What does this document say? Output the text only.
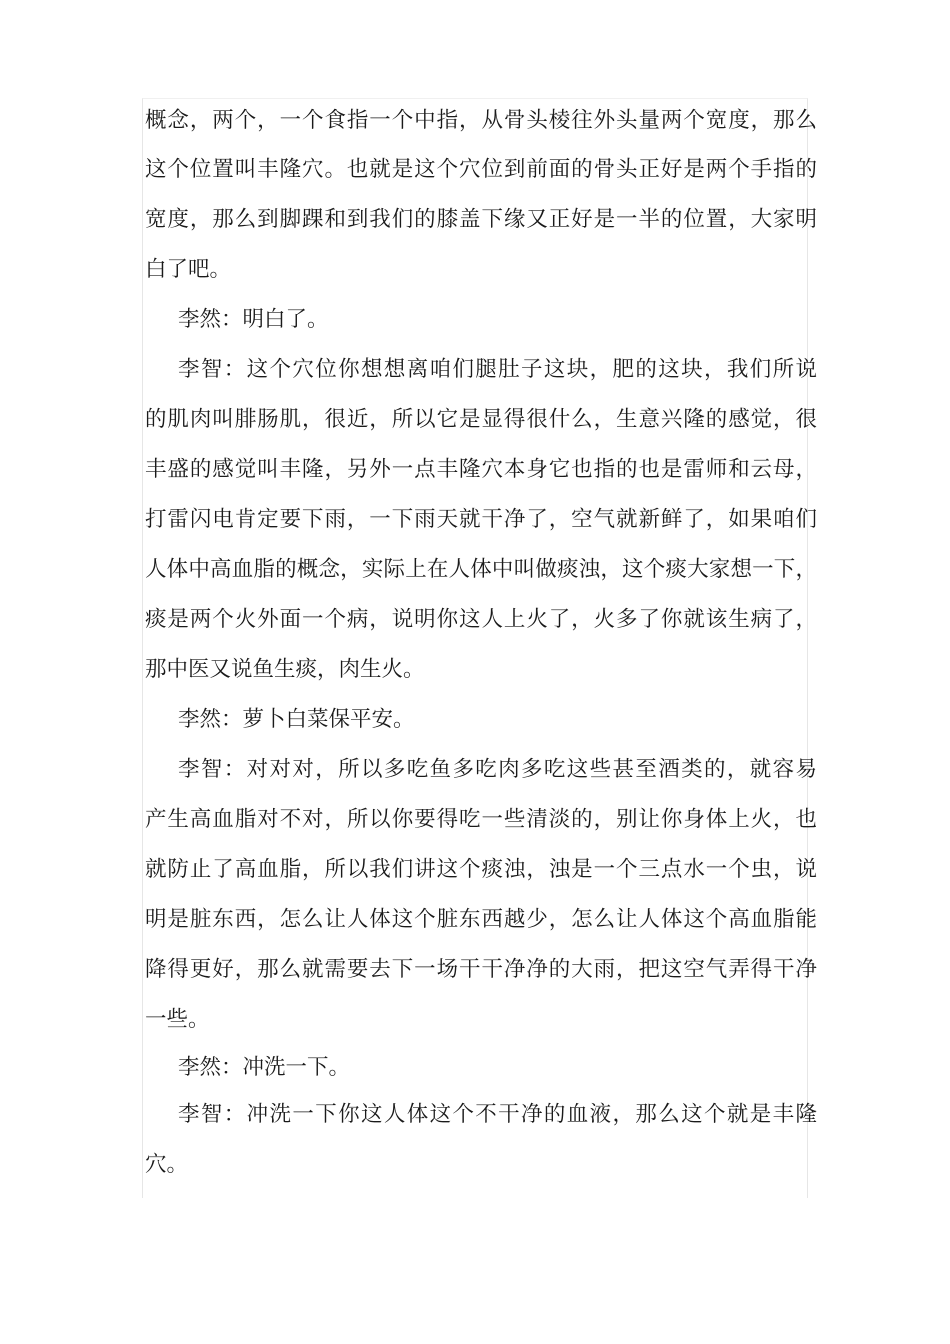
概念，两个，一个食指一个中指，从骨头棱往外头量两个宽度，那么
这个位置叫丰隆穴。也就是这个穴位到前面的骨头正好是两个手指的
宽度，那么到脚踝和到我们的膝盖下缘又正好是一半的位置，大家明
白了吧。
李然：明白了。
李智：这个穴位你想想离咱们腿肚子这块，肥的这块，我们所说
的肌肉叫腓肠肌，很近，所以它是显得很什么，生意兴隆的感觉，很
丰盛的感觉叫丰隆，另外一点丰隆穴本身它也指的也是雷师和云母，
打雷闪电肯定要下雨，一下雨天就干净了，空气就新鲜了，如果咱们
人体中高血脂的概念，实际上在人体中叫做痰浊，这个痰大家想一下，
痰是两个火外面一个病，说明你这人上火了，火多了你就该生病了，
那中医又说鱼生痰，肉生火。
李然：萝卜白菜保平安。
李智：对对对，所以多吃鱼多吃肉多吃这些甚至酒类的，就容易
产生高血脂对不对，所以你要得吃一些清淡的，别让你身体上火，也
就防止了高血脂，所以我们讲这个痰浊，浊是一个三点水一个虫，说
明是脏东西，怎么让人体这个脏东西越少，怎么让人体这个高血脂能
降得更好，那么就需要去下一场干干净净的大雨，把这空气弄得干净
一些。
李然：冲洗一下。
李智：冲洗一下你这人体这个不干净的血液，那么这个就是丰隆
穴。
